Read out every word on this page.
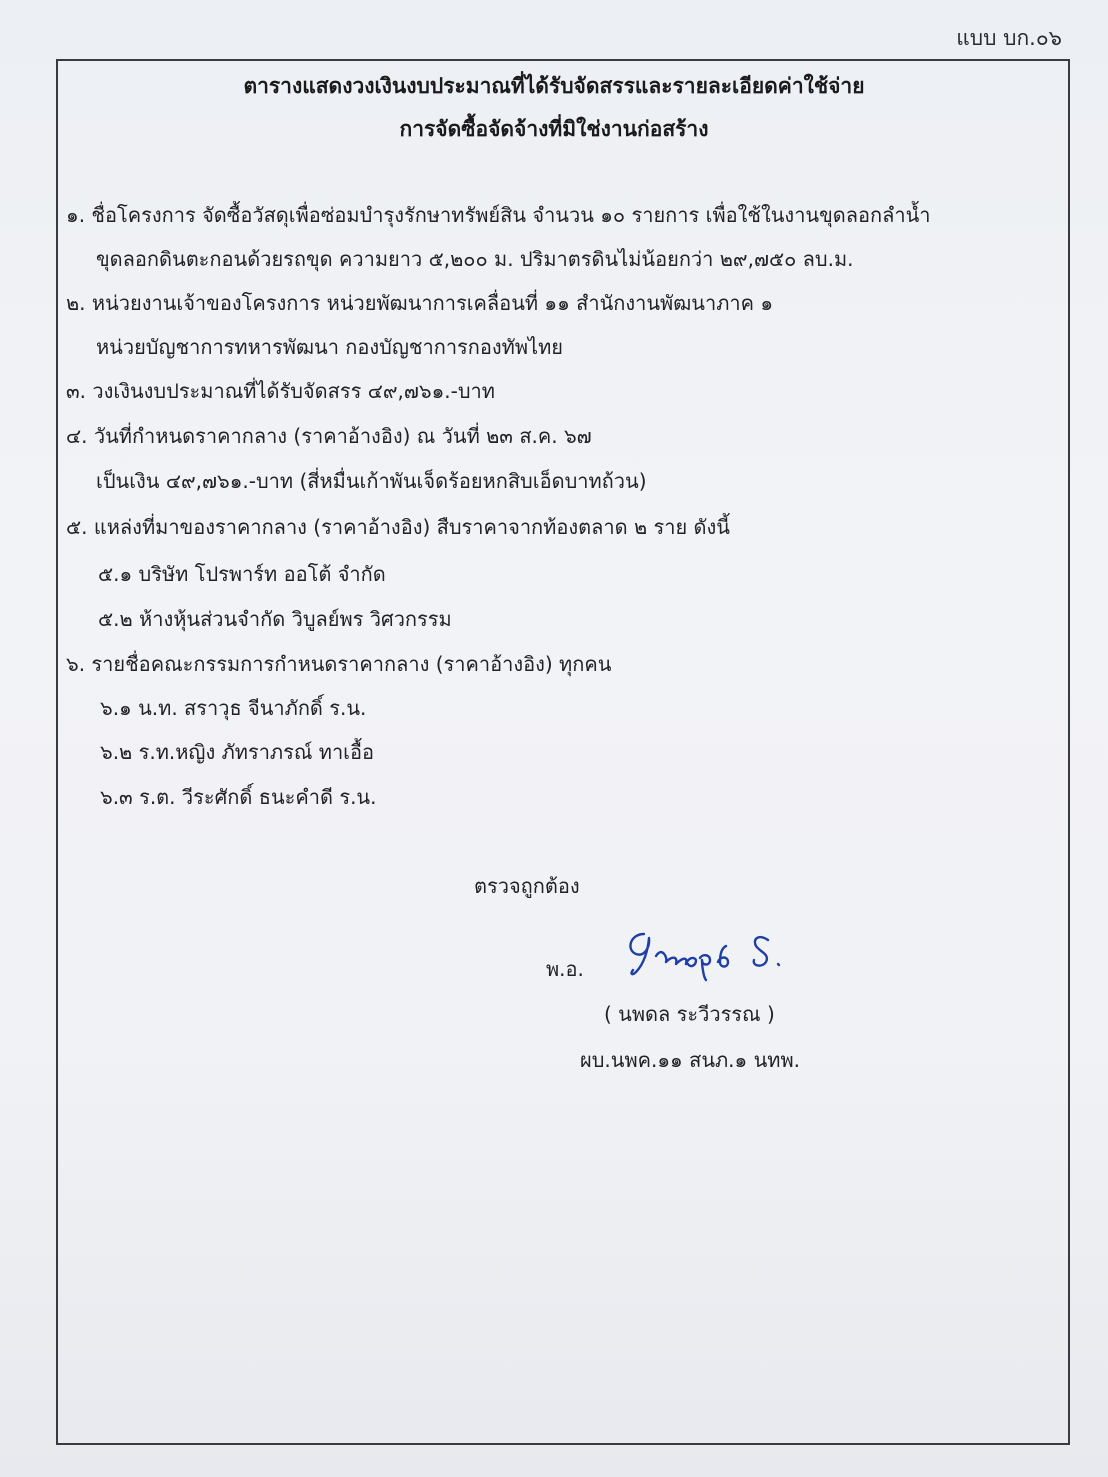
แบบ บก.๐๖
ตารางแสดงวงเงินงบประมาณที่ได้รับจัดสรรและรายละเอียดค่าใช้จ่าย
การจัดซื้อจัดจ้างที่มิใช่งานก่อสร้าง
๑. ชื่อโครงการ จัดซื้อวัสดุเพื่อซ่อมบำรุงรักษาทรัพย์สิน จำนวน ๑๐ รายการ เพื่อใช้ในงานขุดลอกลำน้ำ
ขุดลอกดินตะกอนด้วยรถขุด ความยาว ๕,๒๐๐ ม. ปริมาตรดินไม่น้อยกว่า ๒๙,๗๕๐ ลบ.ม.
๒. หน่วยงานเจ้าของโครงการ หน่วยพัฒนาการเคลื่อนที่ ๑๑ สำนักงานพัฒนาภาค ๑
หน่วยบัญชาการทหารพัฒนา กองบัญชาการกองทัพไทย
๓. วงเงินงบประมาณที่ได้รับจัดสรร ๔๙,๗๖๑.-บาท
๔. วันที่กำหนดราคากลาง (ราคาอ้างอิง) ณ วันที่ ๒๓ ส.ค. ๖๗
เป็นเงิน ๔๙,๗๖๑.-บาท (สี่หมื่นเก้าพันเจ็ดร้อยหกสิบเอ็ดบาทถ้วน)
๕. แหล่งที่มาของราคากลาง (ราคาอ้างอิง) สืบราคาจากท้องตลาด ๒ ราย ดังนี้
๕.๑ บริษัท โปรพาร์ท ออโต้ จำกัด
๕.๒ ห้างหุ้นส่วนจำกัด วิบูลย์พร วิศวกรรม
๖. รายชื่อคณะกรรมการกำหนดราคากลาง (ราคาอ้างอิง) ทุกคน
๖.๑ น.ท. สราวุธ จีนาภักดิ์ ร.น.
๖.๒ ร.ท.หญิง ภัทราภรณ์ ทาเอื้อ
๖.๓ ร.ต. วีระศักดิ์ ธนะคำดี ร.น.
ตรวจถูกต้อง
พ.อ.
( นพดล ระวีวรรณ )
ผบ.นพค.๑๑ สนภ.๑ นทพ.
